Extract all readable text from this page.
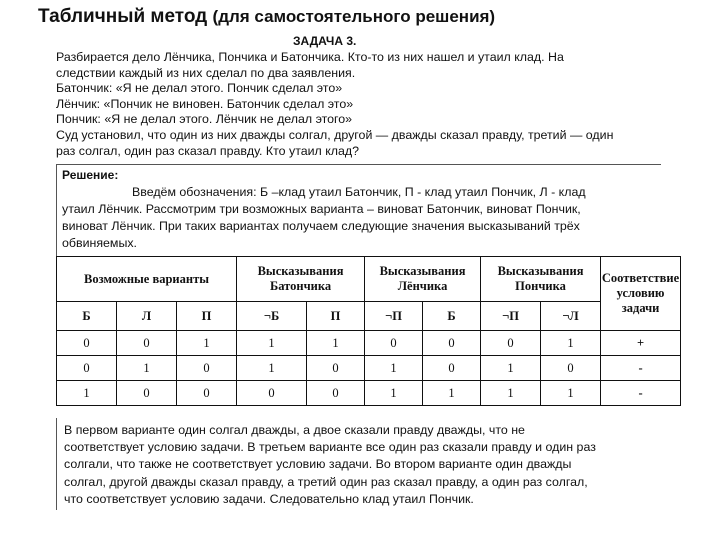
Табличный метод (для самостоятельного решения)
ЗАДАЧА 3.
Разбирается дело Лёнчика, Пончика и Батончика. Кто-то из них нашел и утаил клад. На
следствии каждый из них сделал по два заявления.
Батончик: «Я не делал этого. Пончик сделал это»
Лёнчик: «Пончик не виновен. Батончик сделал это»
Пончик: «Я не делал этого. Лёнчик не делал этого»
Суд установил, что один из них дважды солгал, другой — дважды сказал правду, третий — один
раз солгал, один раз сказал правду. Кто утаил клад?
Решение:
Введём обозначения: Б –клад утаил Батончик, П - клад утаил Пончик, Л - клад
утаил Лёнчик. Рассмотрим три возможных варианта – виноват Батончик, виноват Пончик,
виноват Лёнчик. При таких вариантах получаем следующие значения высказываний трёх
обвиняемых.
Возможные варианты			Высказывания Батончика		Высказывания Лёнчика		Высказывания Пончика		Соответствие условию задачи
Б	Л	П	¬Б	П	¬П	Б	¬П	¬Л	
0	0	1	1	1	0	0	0	1	+
0	1	0	1	0	1	0	1	0	-
1	0	0	0	0	1	1	1	1	-
В первом варианте один солгал дважды, а двое сказали правду дважды, что не
соответствует условию задачи. В третьем варианте все один раз сказали правду и один раз
солгали, что также не соответствует условию задачи. Во втором варианте один дважды
солгал, другой дважды сказал правду, а третий один раз сказал правду, а один раз солгал,
что соответствует условию задачи. Следовательно клад утаил Пончик.
